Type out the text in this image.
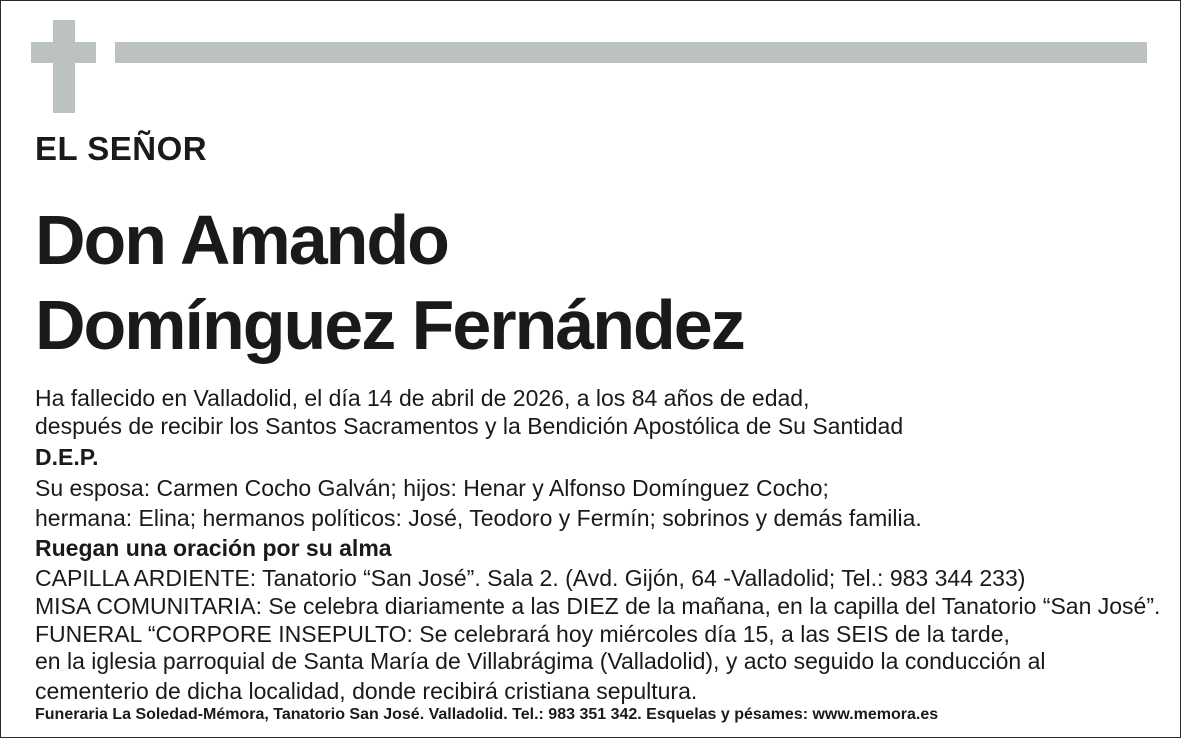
EL SEÑOR
Don Amando
Domínguez Fernández
Ha fallecido en Valladolid, el día 14 de abril de 2026, a los 84 años de edad,
después de recibir los Santos Sacramentos y la Bendición Apostólica de Su Santidad
D.E.P.
Su esposa: Carmen Cocho Galván; hijos: Henar y Alfonso Domínguez Cocho;
hermana: Elina; hermanos políticos: José, Teodoro y Fermín; sobrinos y demás familia.
Ruegan una oración por su alma
CAPILLA ARDIENTE: Tanatorio “San José”. Sala 2. (Avd. Gijón, 64 -Valladolid; Tel.: 983 344 233)
MISA COMUNITARIA: Se celebra diariamente a las DIEZ de la mañana, en la capilla del Tanatorio “San José”.
FUNERAL “CORPORE INSEPULTO: Se celebrará hoy miércoles día 15, a las SEIS de la tarde,
en la iglesia parroquial de Santa María de Villabrágima (Valladolid), y acto seguido la conducción al
cementerio de dicha localidad, donde recibirá cristiana sepultura.
Funeraria La Soledad-Mémora, Tanatorio San José. Valladolid. Tel.: 983 351 342. Esquelas y pésames: www.memora.es
